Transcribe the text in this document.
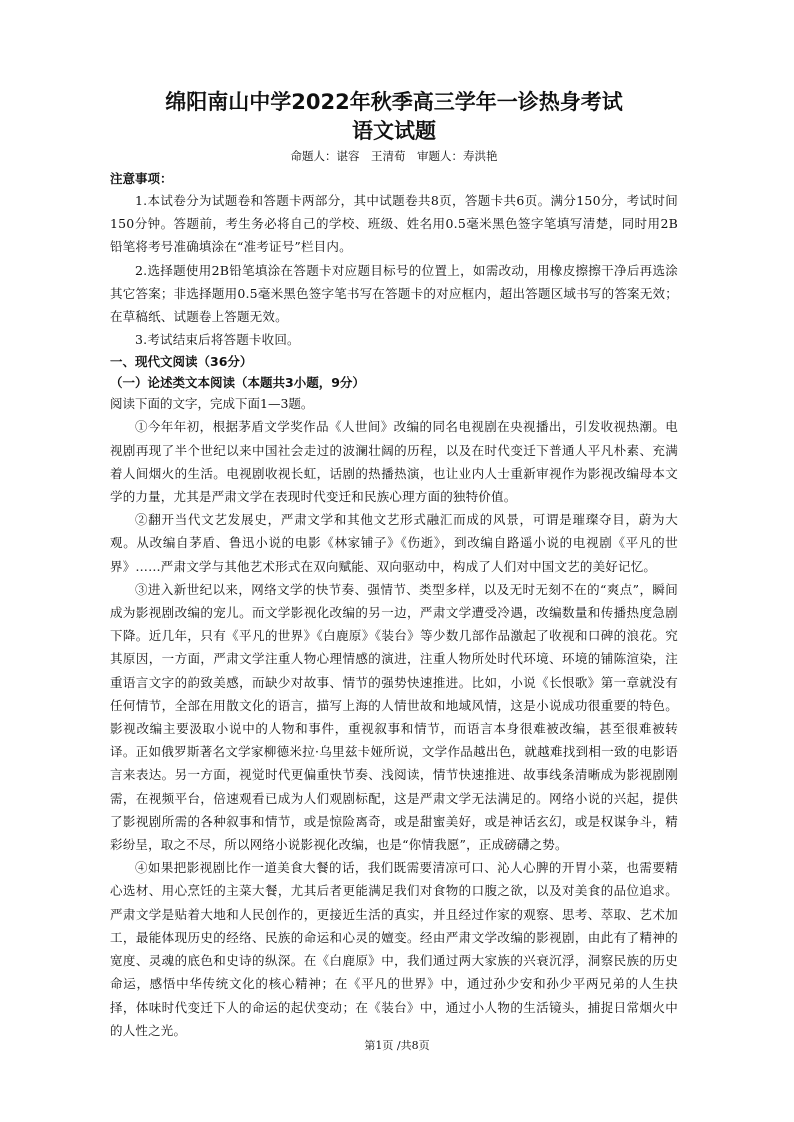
绵阳南山中学2022年秋季高三学年一诊热身考试
语文试题

命题人：谌容　王清荀　审题人：寿洪艳

注意事项：

1.本试卷分为试题卷和答题卡两部分，其中试题卷共8页，答题卡共6页。满分150分，考试时间150分钟。答题前，考生务必将自己的学校、班级、姓名用0.5毫米黑色签字笔填写清楚，同时用2B铅笔将考号准确填涂在“准考证号”栏目内。

2.选择题使用2B铅笔填涂在答题卡对应题目标号的位置上，如需改动，用橡皮擦擦干净后再选涂其它答案；非选择题用0.5毫米黑色签字笔书写在答题卡的对应框内，超出答题区域书写的答案无效；在草稿纸、试题卷上答题无效。

3.考试结束后将答题卡收回。

一、现代文阅读（36分）

（一）论述类文本阅读（本题共3小题，9分）

阅读下面的文字，完成下面1—3题。

①今年年初，根据茅盾文学奖作品《人世间》改编的同名电视剧在央视播出，引发收视热潮。电视剧再现了半个世纪以来中国社会走过的波澜壮阔的历程，以及在时代变迁下普通人平凡朴素、充满着人间烟火的生活。电视剧收视长虹，话剧的热播热演，也让业内人士重新审视作为影视改编母本文学的力量，尤其是严肃文学在表现时代变迁和民族心理方面的独特价值。

②翻开当代文艺发展史，严肃文学和其他文艺形式融汇而成的风景，可谓是璀璨夺目，蔚为大观。从改编自茅盾、鲁迅小说的电影《林家铺子》《伤逝》，到改编自路遥小说的电视剧《平凡的世界》……严肃文学与其他艺术形式在双向赋能、双向驱动中，构成了人们对中国文艺的美好记忆。

③进入新世纪以来，网络文学的快节奏、强情节、类型多样，以及无时无刻不在的“爽点”，瞬间成为影视剧改编的宠儿。而文学影视化改编的另一边，严肃文学遭受冷遇，改编数量和传播热度急剧下降。近几年，只有《平凡的世界》《白鹿原》《装台》等少数几部作品激起了收视和口碑的浪花。究其原因，一方面，严肃文学注重人物心理情感的演进，注重人物所处时代环境、环境的铺陈渲染，注重语言文字的韵致美感，而缺少对故事、情节的强势快速推进。比如，小说《长恨歌》第一章就没有任何情节，全部在用散文化的语言，描写上海的人情世故和地域风情，这是小说成功很重要的特色。影视改编主要汲取小说中的人物和事件，重视叙事和情节，而语言本身很难被改编，甚至很难被转译。正如俄罗斯著名文学家柳德米拉·乌里兹卡娅所说，文学作品越出色，就越难找到相一致的电影语言来表达。另一方面，视觉时代更偏重快节奏、浅阅读，情节快速推进、故事线条清晰成为影视剧刚需，在视频平台，倍速观看已成为人们观剧标配，这是严肃文学无法满足的。网络小说的兴起，提供了影视剧所需的各种叙事和情节，或是惊险离奇，或是甜蜜美好，或是神话玄幻，或是权谋争斗，精彩纷呈，取之不尽，所以网络小说影视化改编，也是“你情我愿”，正成磅礴之势。

④如果把影视剧比作一道美食大餐的话，我们既需要清凉可口、沁人心脾的开胃小菜，也需要精心选材、用心烹饪的主菜大餐，尤其后者更能满足我们对食物的口腹之欲，以及对美食的品位追求。严肃文学是贴着大地和人民创作的，更接近生活的真实，并且经过作家的观察、思考、萃取、艺术加工，最能体现历史的经络、民族的命运和心灵的嬗变。经由严肃文学改编的影视剧，由此有了精神的宽度、灵魂的底色和史诗的纵深。在《白鹿原》中，我们通过两大家族的兴衰沉浮，洞察民族的历史命运，感悟中华传统文化的核心精神；在《平凡的世界》中，通过孙少安和孙少平两兄弟的人生抉择，体味时代变迁下人的命运的起伏变动；在《装台》中，通过小人物的生活镜头，捕捉日常烟火中的人性之光。

第1页 /共8页
